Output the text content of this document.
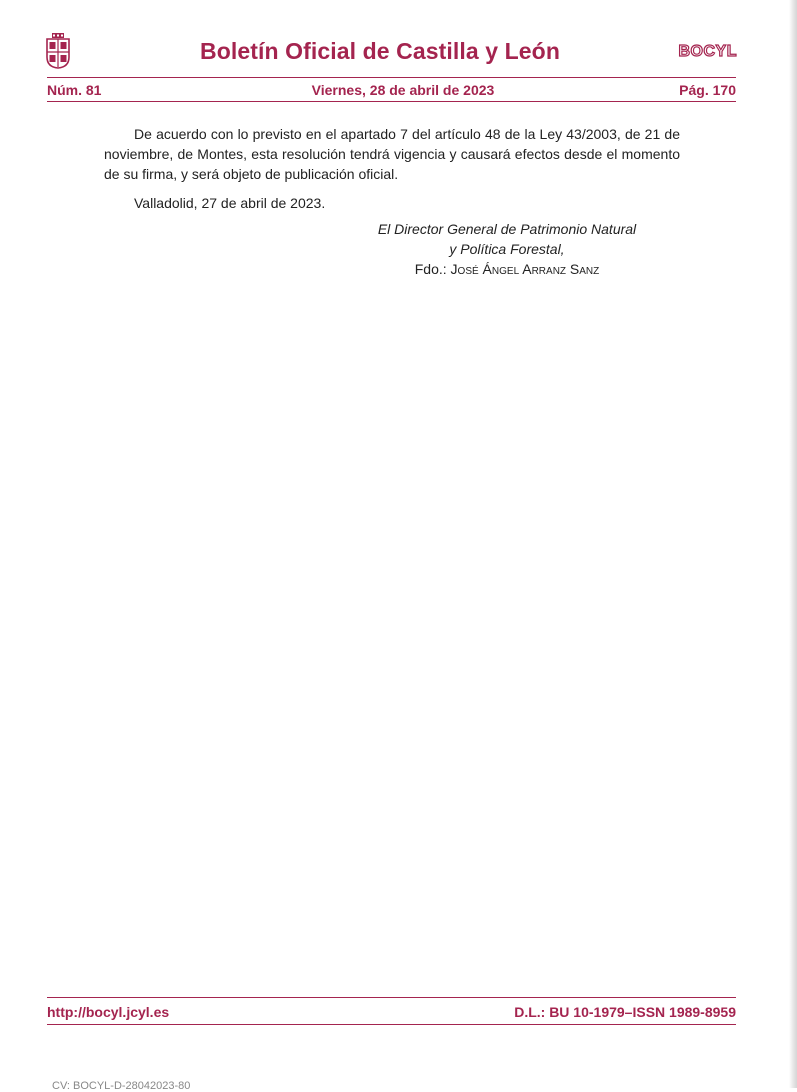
Boletín Oficial de Castilla y León	BOCYL
Núm. 81	Viernes, 28 de abril de 2023	Pág. 170

De acuerdo con lo previsto en el apartado 7 del artículo 48 de la Ley 43/2003, de 21 de noviembre, de Montes, esta resolución tendrá vigencia y causará efectos desde el momento de su firma, y será objeto de publicación oficial.

Valladolid, 27 de abril de 2023.

El Director General de Patrimonio Natural
y Política Forestal,
Fdo.: José Ángel Arranz Sanz
http://bocyl.jcyl.es	D.L.: BU 10-1979–ISSN 1989-8959
CV: BOCYL-D-28042023-80
